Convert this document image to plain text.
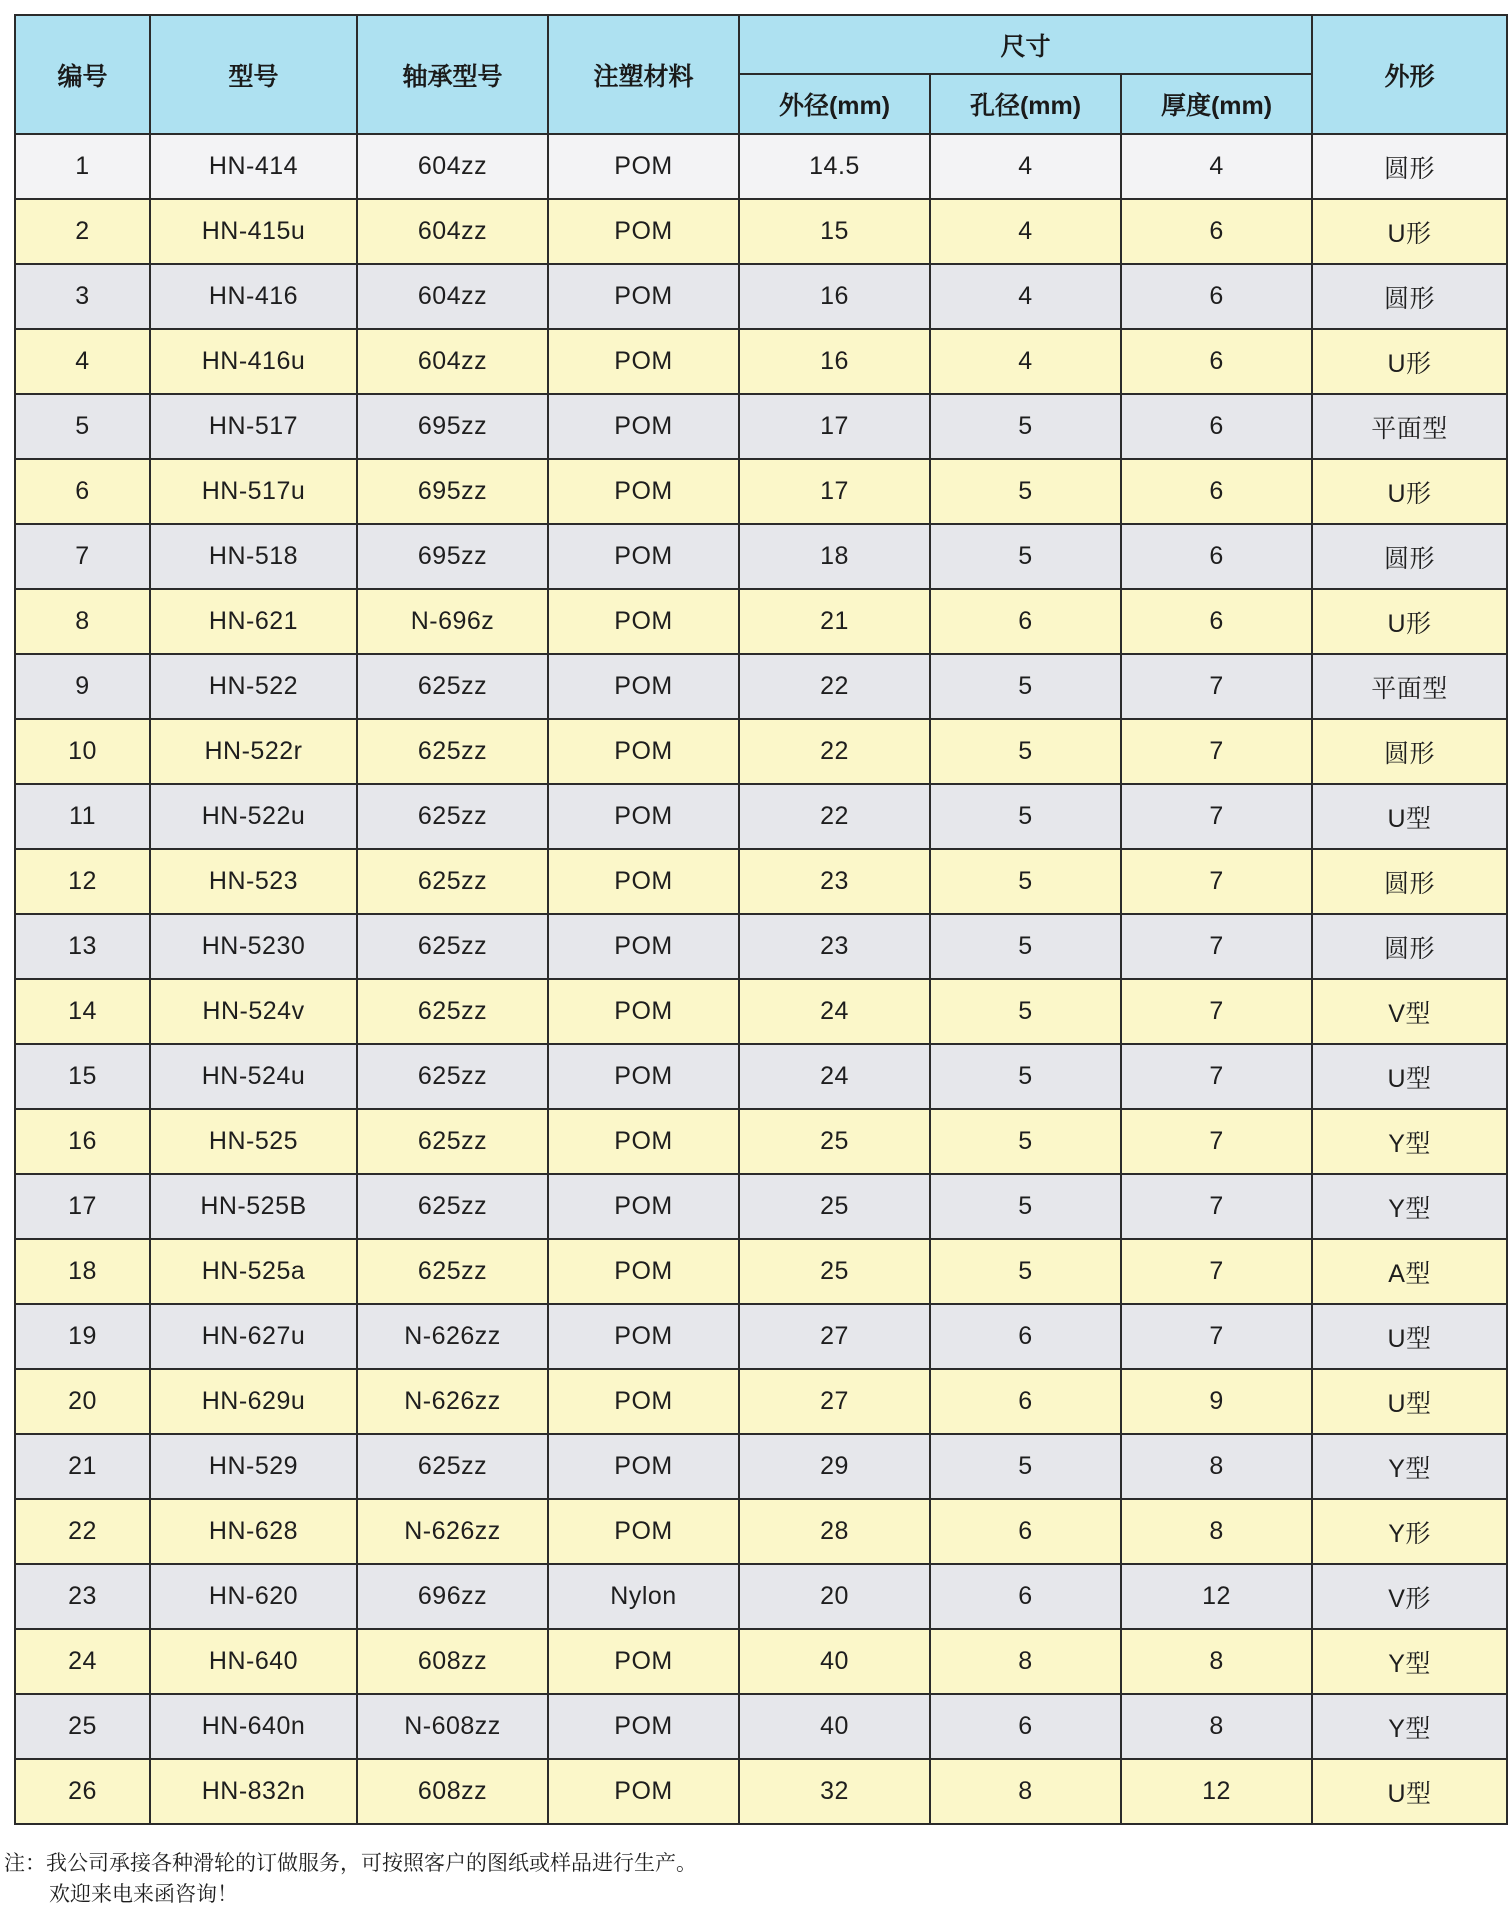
编号	型号	轴承型号	注塑材料	尺寸			外形
				外径(mm)	孔径(mm)	厚度(mm)	
1	HN-414	604zz	POM	14.5	4	4	圆形
2	HN-415u	604zz	POM	15	4	6	U形
3	HN-416	604zz	POM	16	4	6	圆形
4	HN-416u	604zz	POM	16	4	6	U形
5	HN-517	695zz	POM	17	5	6	平面型
6	HN-517u	695zz	POM	17	5	6	U形
7	HN-518	695zz	POM	18	5	6	圆形
8	HN-621	N-696z	POM	21	6	6	U形
9	HN-522	625zz	POM	22	5	7	平面型
10	HN-522r	625zz	POM	22	5	7	圆形
11	HN-522u	625zz	POM	22	5	7	U型
12	HN-523	625zz	POM	23	5	7	圆形
13	HN-5230	625zz	POM	23	5	7	圆形
14	HN-524v	625zz	POM	24	5	7	V型
15	HN-524u	625zz	POM	24	5	7	U型
16	HN-525	625zz	POM	25	5	7	Y型
17	HN-525B	625zz	POM	25	5	7	Y型
18	HN-525a	625zz	POM	25	5	7	A型
19	HN-627u	N-626zz	POM	27	6	7	U型
20	HN-629u	N-626zz	POM	27	6	9	U型
21	HN-529	625zz	POM	29	5	8	Y型
22	HN-628	N-626zz	POM	28	6	8	Y形
23	HN-620	696zz	Nylon	20	6	12	V形
24	HN-640	608zz	POM	40	8	8	Y型
25	HN-640n	N-608zz	POM	40	6	8	Y型
26	HN-832n	608zz	POM	32	8	12	U型
注：我公司承接各种滑轮的订做服务，可按照客户的图纸或样品进行生产。
欢迎来电来函咨询！
